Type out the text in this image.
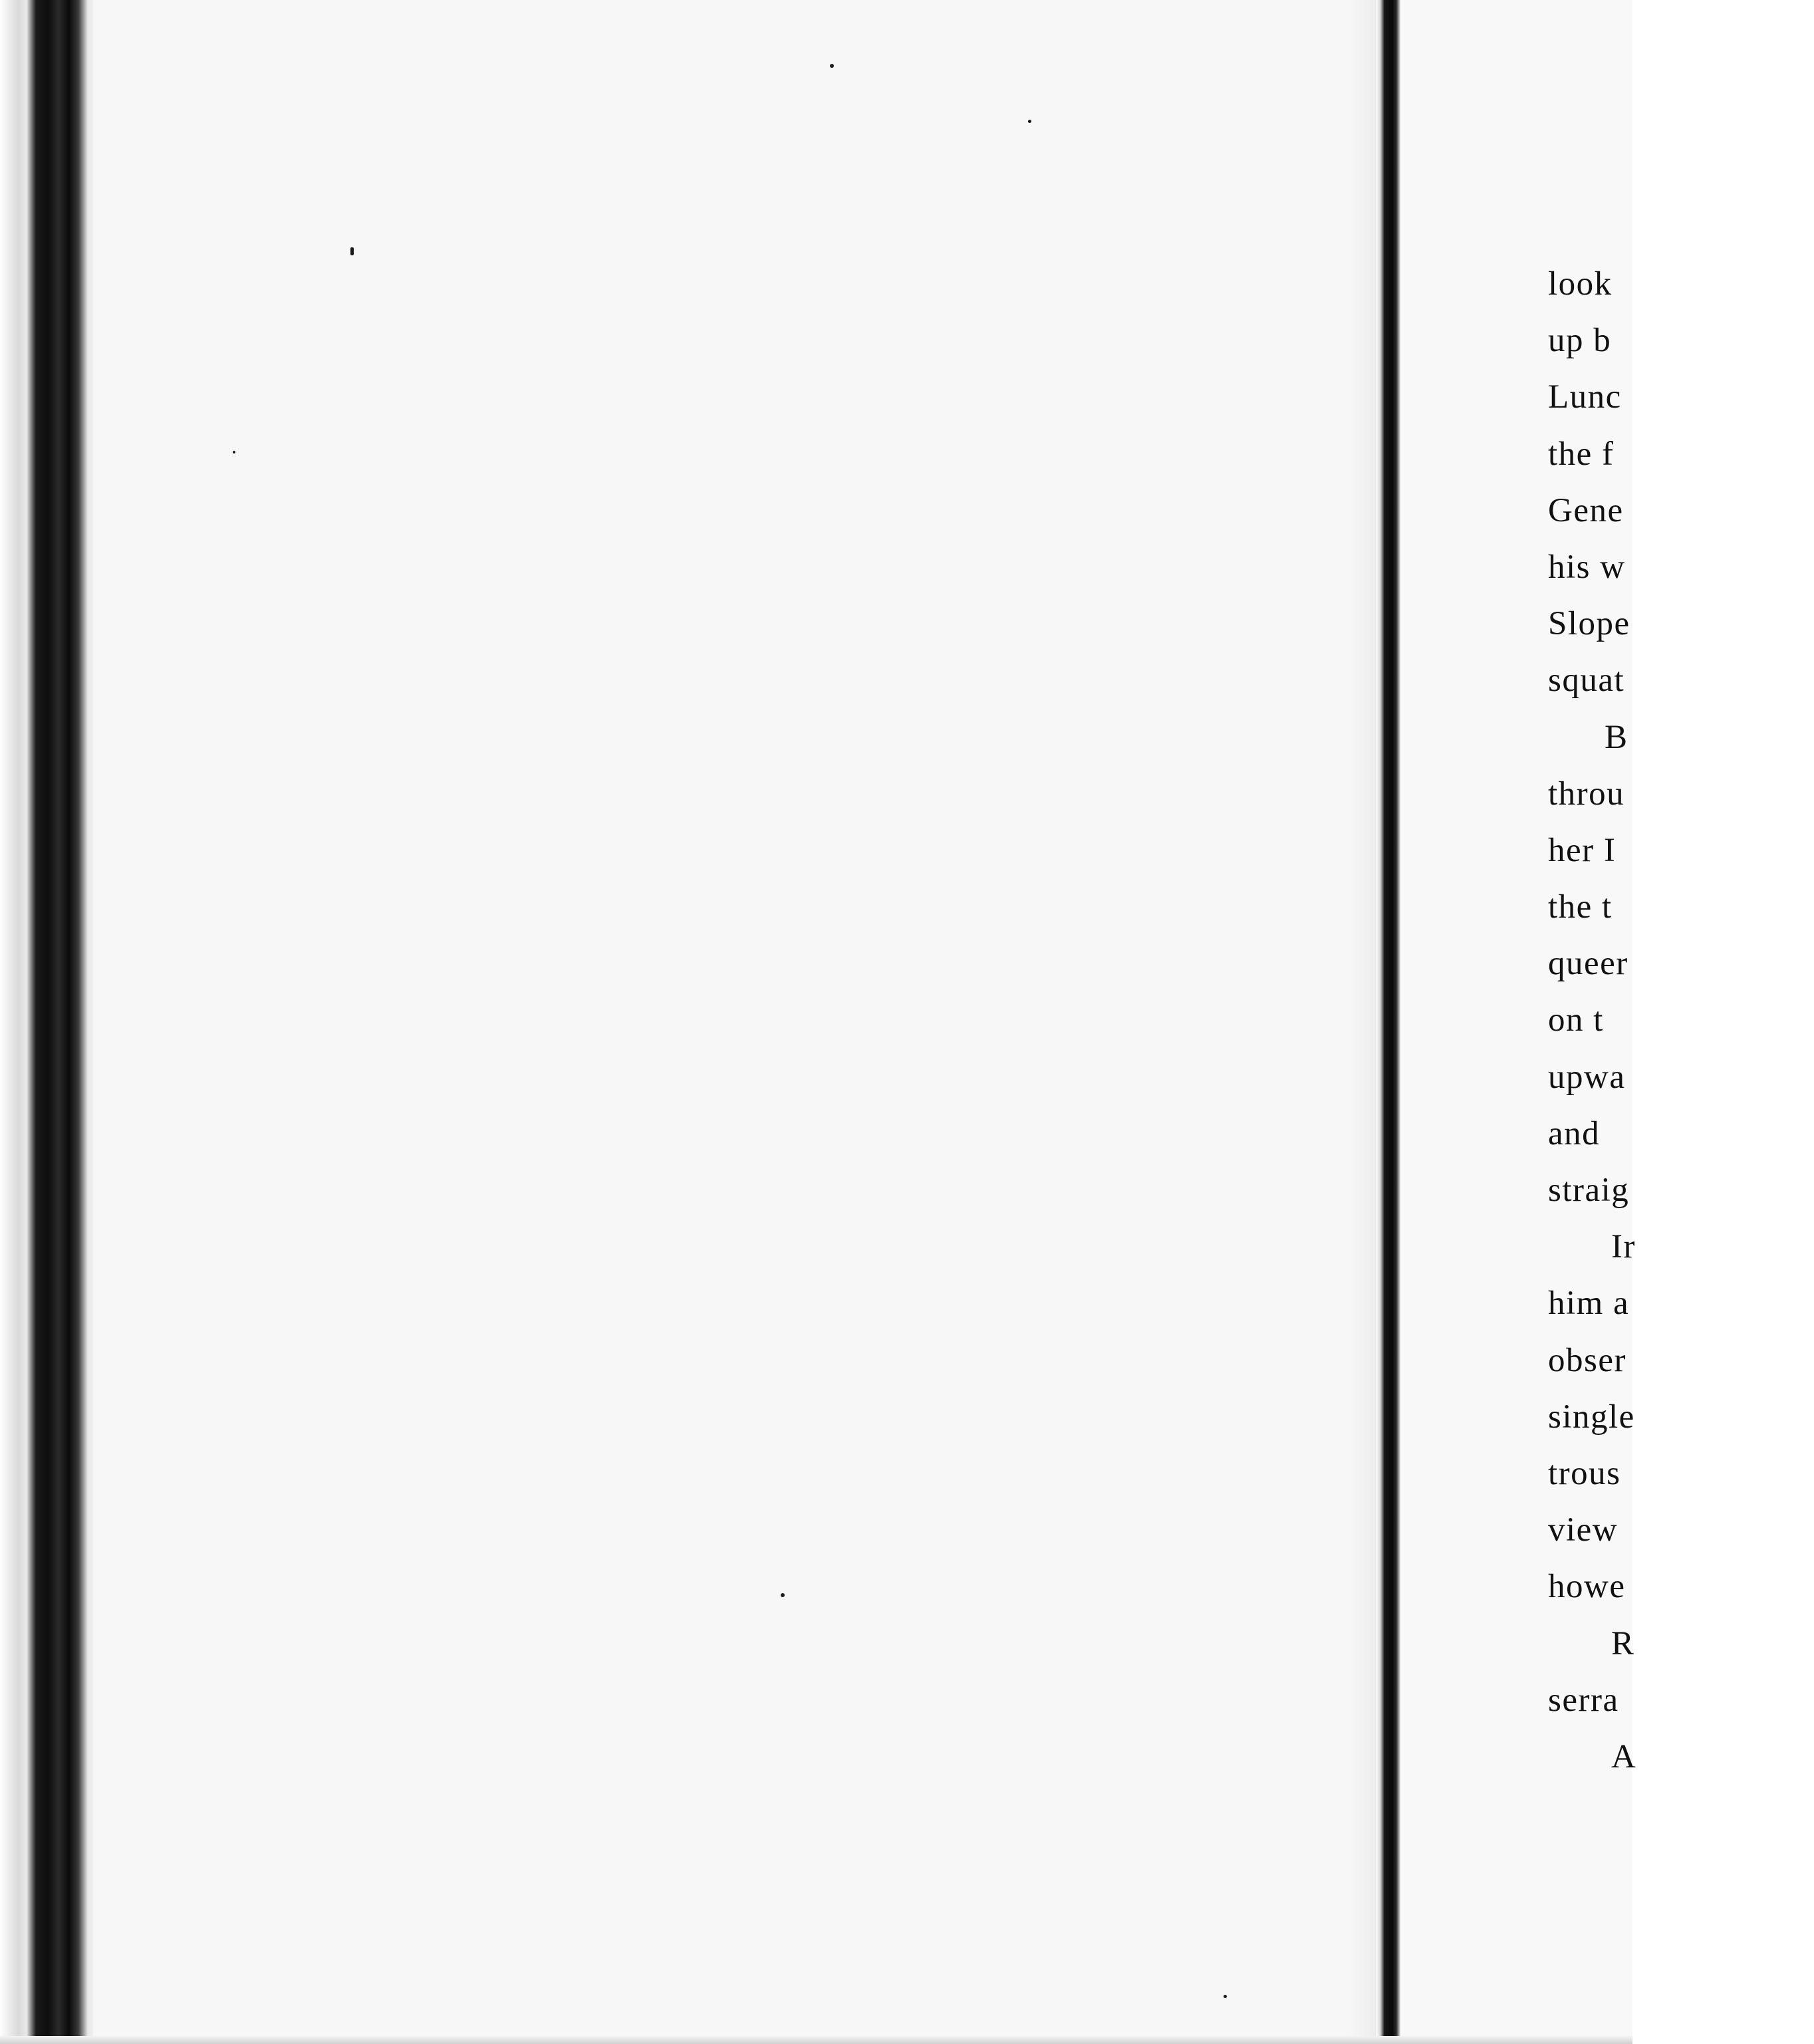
look
up b
Lunc
the f
Gene
his w
Slope
squat
B
throu
her I
the t
queer
on t
upwa
and
straig
Ir
him a
obser
single
trous
view
howe
R
serra
A
